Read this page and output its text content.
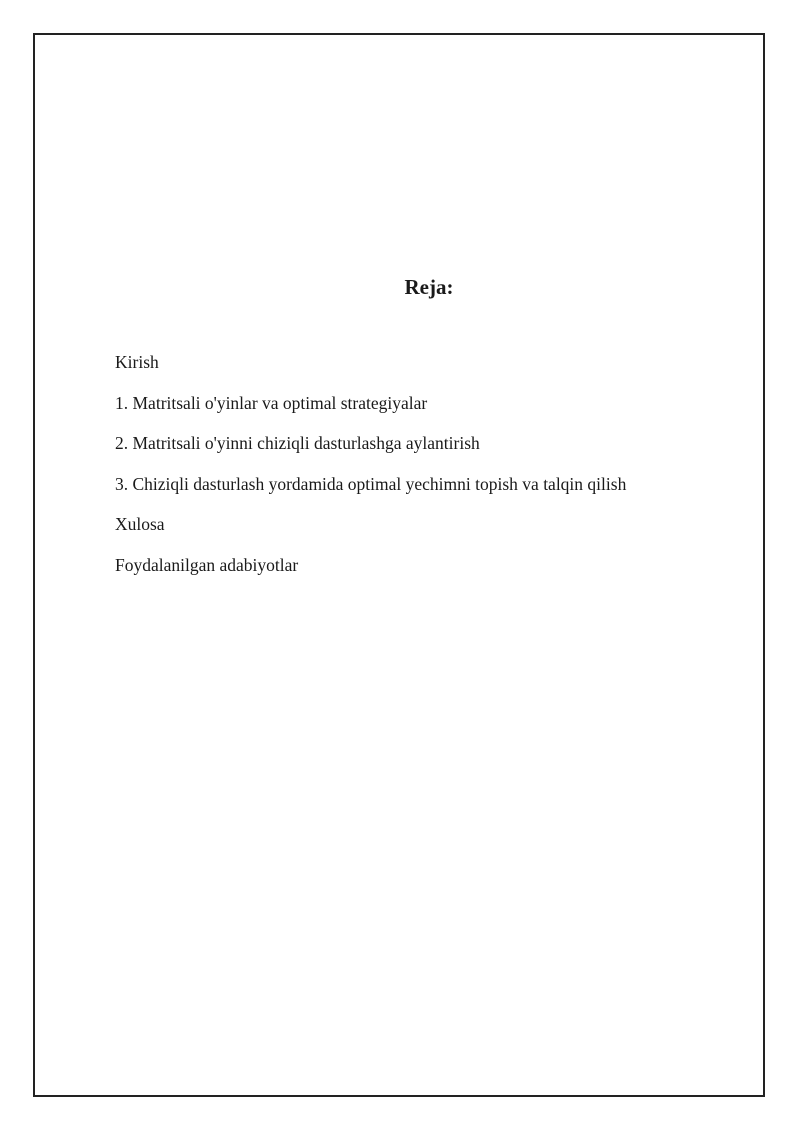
Reja:
Kirish
1. Matritsali o'yinlar va optimal strategiyalar
2. Matritsali o'yinni chiziqli dasturlashga aylantirish
3. Chiziqli dasturlash yordamida optimal yechimni topish va talqin qilish
Xulosa
Foydalanilgan adabiyotlar
